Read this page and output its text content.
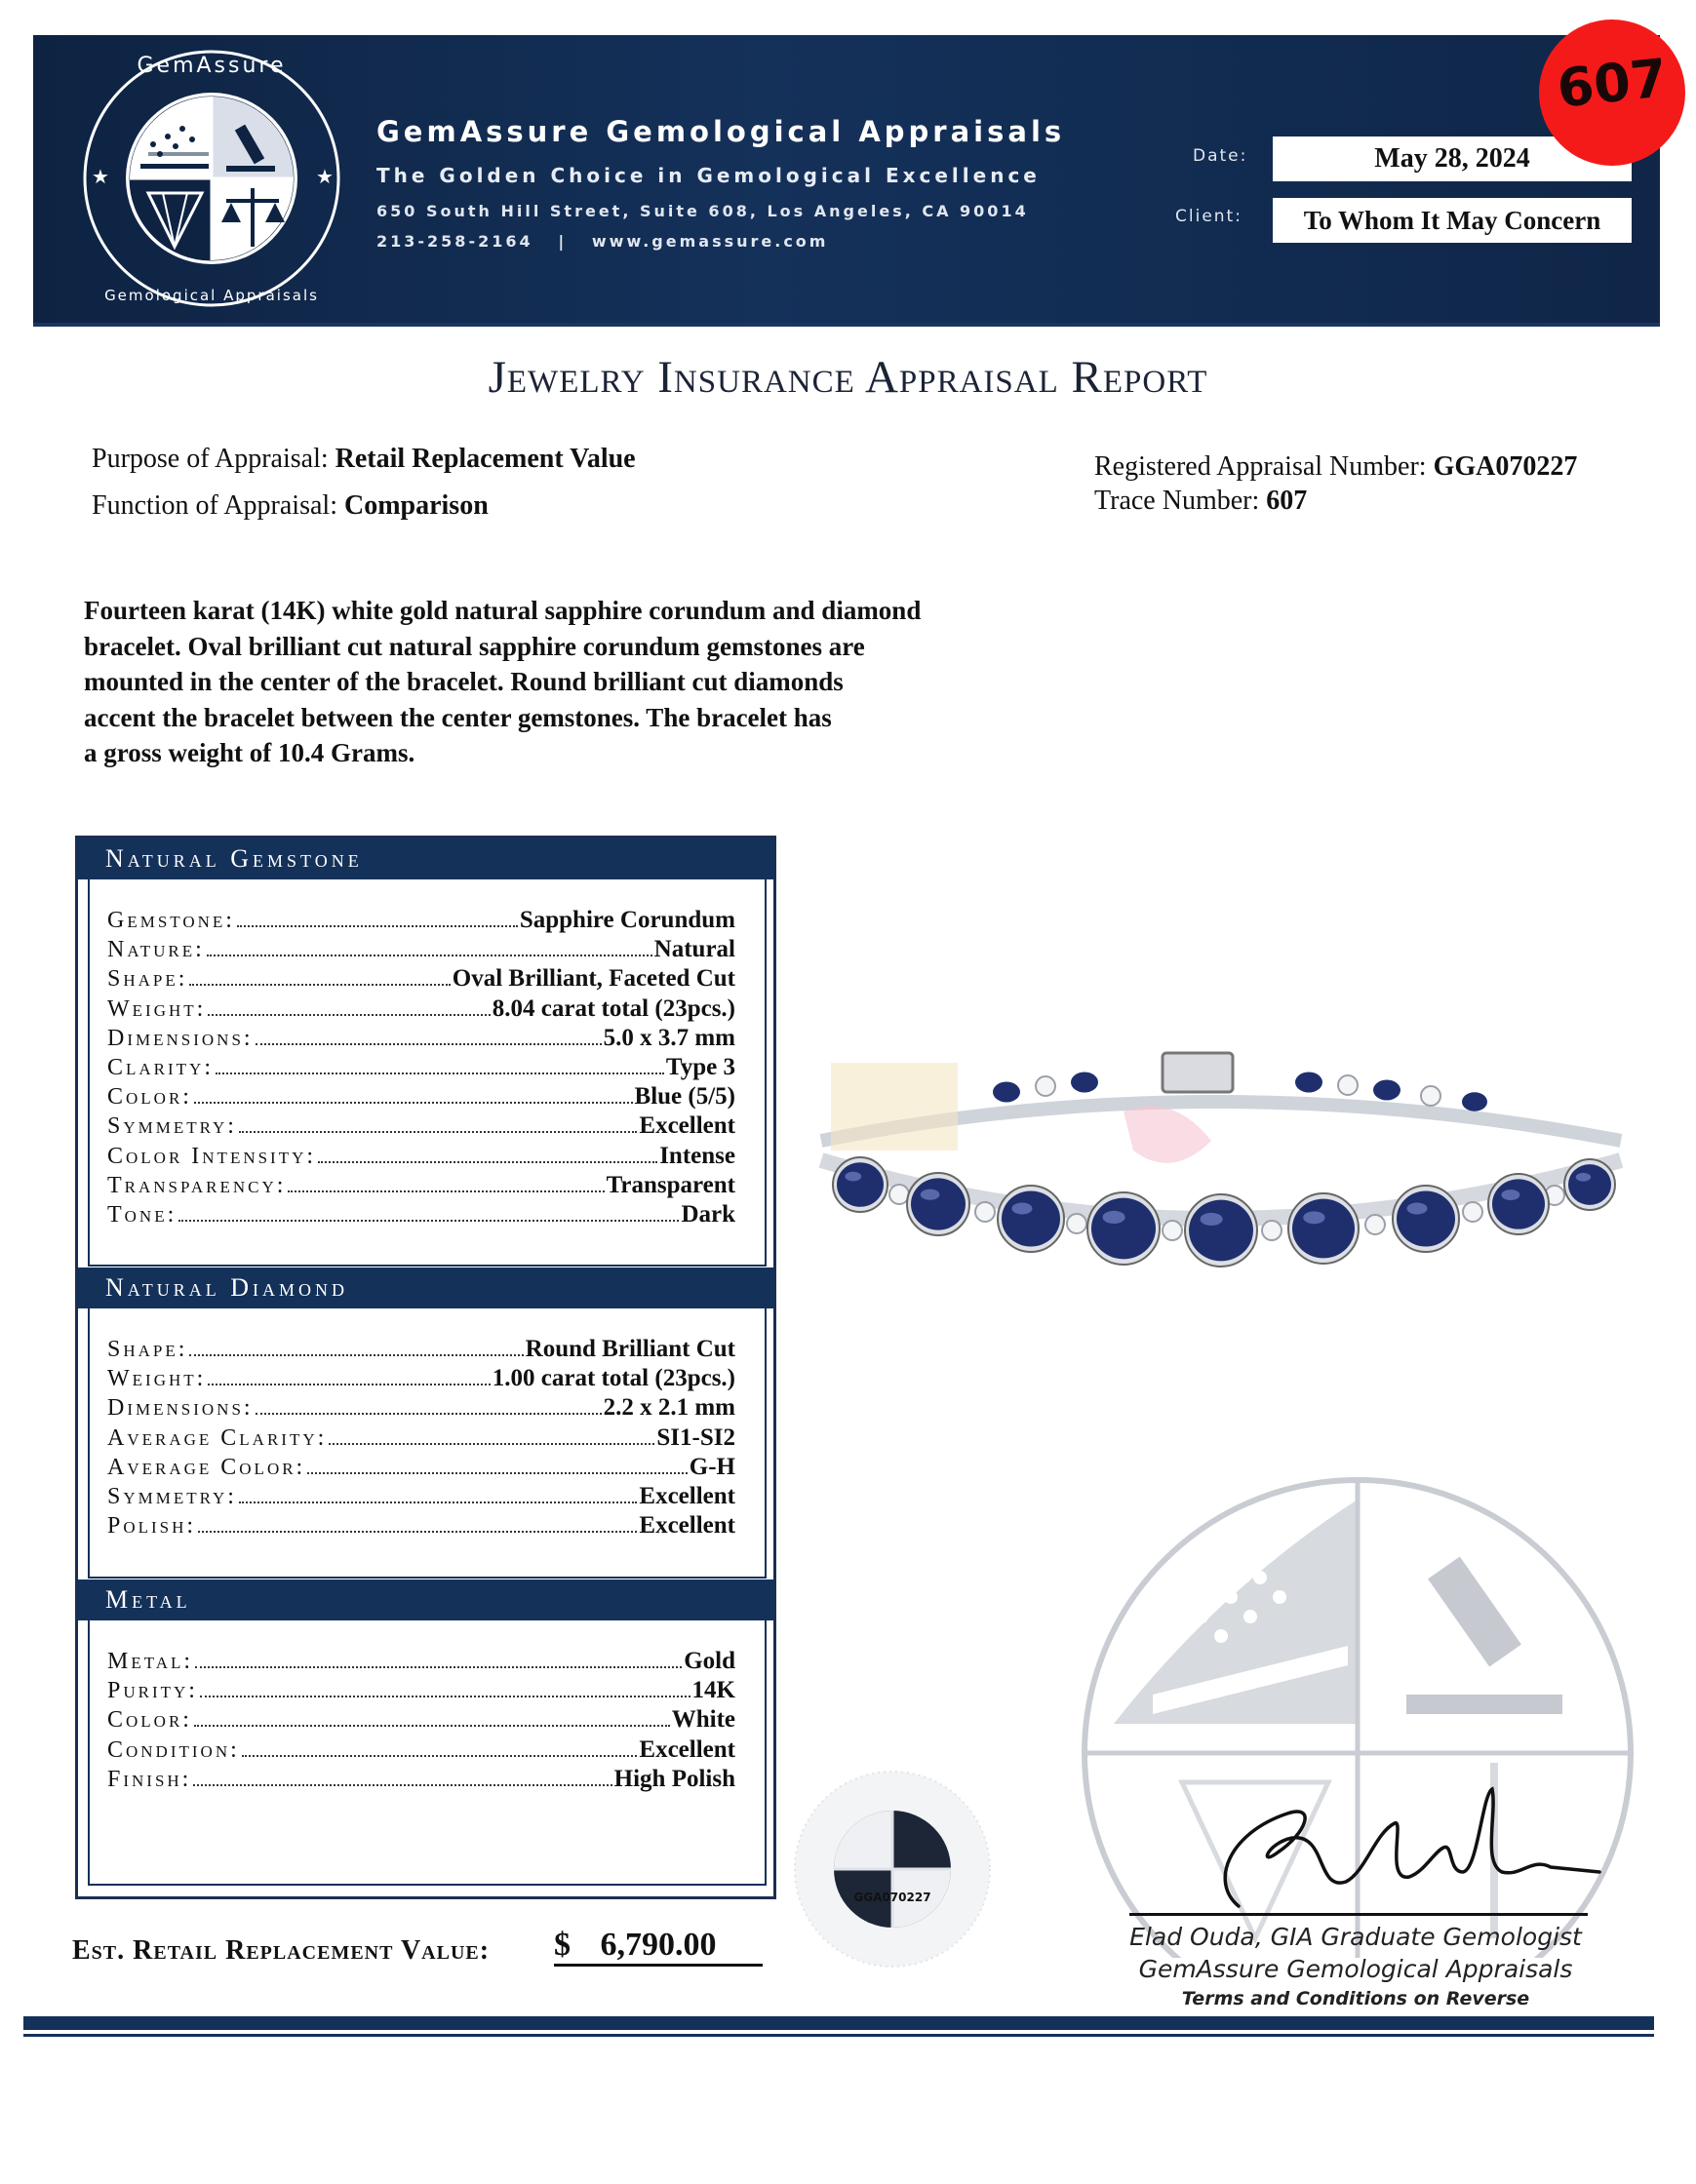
GemAssure
Gemological Appraisals
★	★
GemAssure Gemological Appraisals
The Golden Choice in Gemological Excellence
650 South Hill Street, Suite 608, Los Angeles, CA 90014
213-258-2164   |   www.gemassure.com
Date:	May 28, 2024
Client:	To Whom It May Concern
607
Jewelry Insurance Appraisal Report
Purpose of Appraisal: Retail Replacement Value
Function of Appraisal: Comparison
Registered Appraisal Number: GGA070227
Trace Number: 607
Fourteen karat (14K) white gold natural sapphire corundum and diamond
bracelet. Oval brilliant cut natural sapphire corundum gemstones are
mounted in the center of the bracelet. Round brilliant cut diamonds
accent the bracelet between the center gemstones. The bracelet has
a gross weight of 10.4 Grams.
Natural Gemstone
Gemstone:	Sapphire Corundum
Nature:	Natural
Shape:	Oval Brilliant, Faceted Cut
Weight:	8.04 carat total (23pcs.)
Dimensions:	5.0 x 3.7 mm
Clarity:	Type 3
Color:	Blue (5/5)
Symmetry:	Excellent
Color Intensity:	Intense
Transparency:	Transparent
Tone:	Dark
Natural Diamond
Shape:	Round Brilliant Cut
Weight:	1.00 carat total (23pcs.)
Dimensions:	2.2 x 2.1 mm
Average Clarity:	SI1-SI2
Average Color:	G-H
Symmetry:	Excellent
Polish:	Excellent
Metal
Metal:	Gold
Purity:	14K
Color:	White
Condition:	Excellent
Finish:	High Polish
GGA070227
Elad Ouda, GIA Graduate Gemologist
GemAssure Gemological Appraisals
Terms and Conditions on Reverse
Est. Retail Replacement Value: $ 6,790.00
